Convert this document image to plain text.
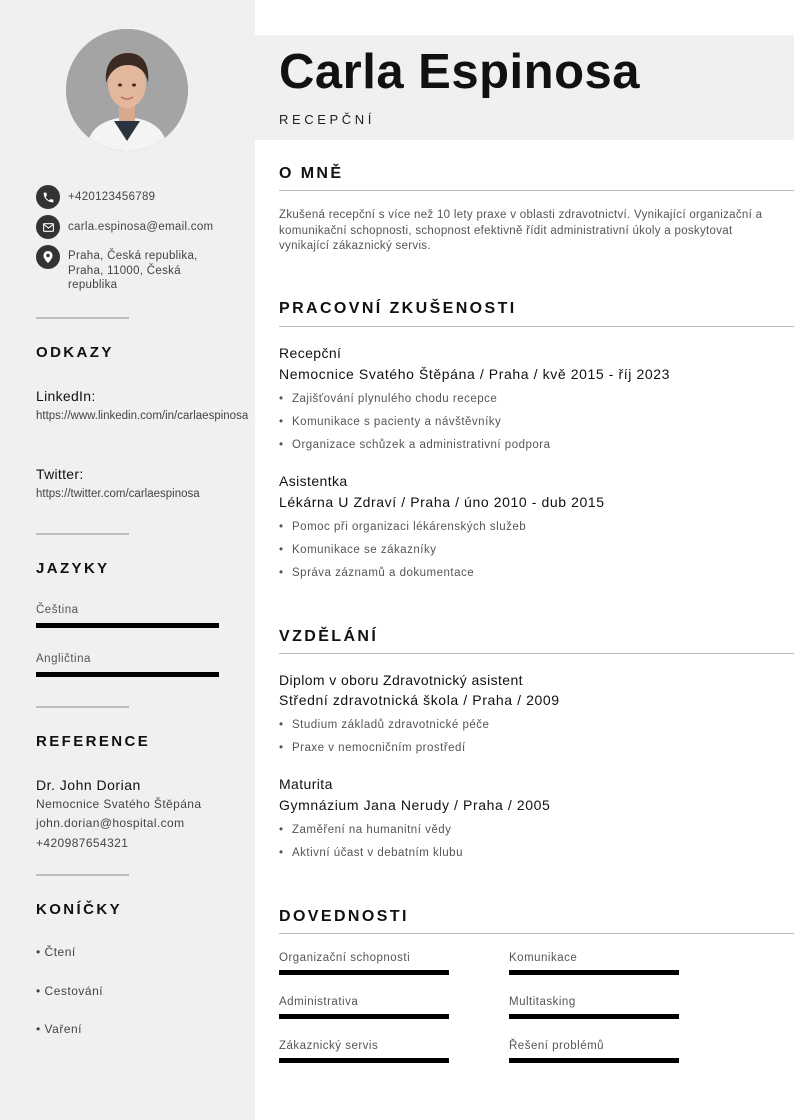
+420123456789
carla.espinosa@email.com
Praha, Česká republika, Praha, 11000, Česká republika
ODKAZY
LinkedIn:
https://www.linkedin.com/in/carlaespinosa
Twitter:
https://twitter.com/carlaespinosa
JAZYKY
Čeština
Angličtina
REFERENCE
Dr. John Dorian
Nemocnice Svatého Štěpána
john.dorian@hospital.com
+420987654321
KONÍČKY
• Čtení
• Cestování
• Vaření
Carla Espinosa
RECEPČNÍ
O MNĚ
Zkušená recepční s více než 10 lety praxe v oblasti zdravotnictví. Vynikající organizační a komunikační schopnosti, schopnost efektivně řídit administrativní úkoly a poskytovat vynikající zákaznický servis.
PRACOVNÍ ZKUŠENOSTI
Recepční
Nemocnice Svatého Štěpána / Praha / kvě 2015 - říj 2023
• Zajišťování plynulého chodu recepce
• Komunikace s pacienty a návštěvníky
• Organizace schůzek a administrativní podpora
Asistentka
Lékárna U Zdraví / Praha / úno 2010 - dub 2015
• Pomoc při organizaci lékárenských služeb
• Komunikace se zákazníky
• Správa záznamů a dokumentace
VZDĚLÁNÍ
Diplom v oboru Zdravotnický asistent
Střední zdravotnická škola / Praha / 2009
• Studium základů zdravotnické péče
• Praxe v nemocničním prostředí
Maturita
Gymnázium Jana Nerudy / Praha / 2005
• Zaměření na humanitní vědy
• Aktivní účast v debatním klubu
DOVEDNOSTI
Organizační schopnosti	Komunikace
Administrativa	Multitasking
Zákaznický servis	Řešení problémů
